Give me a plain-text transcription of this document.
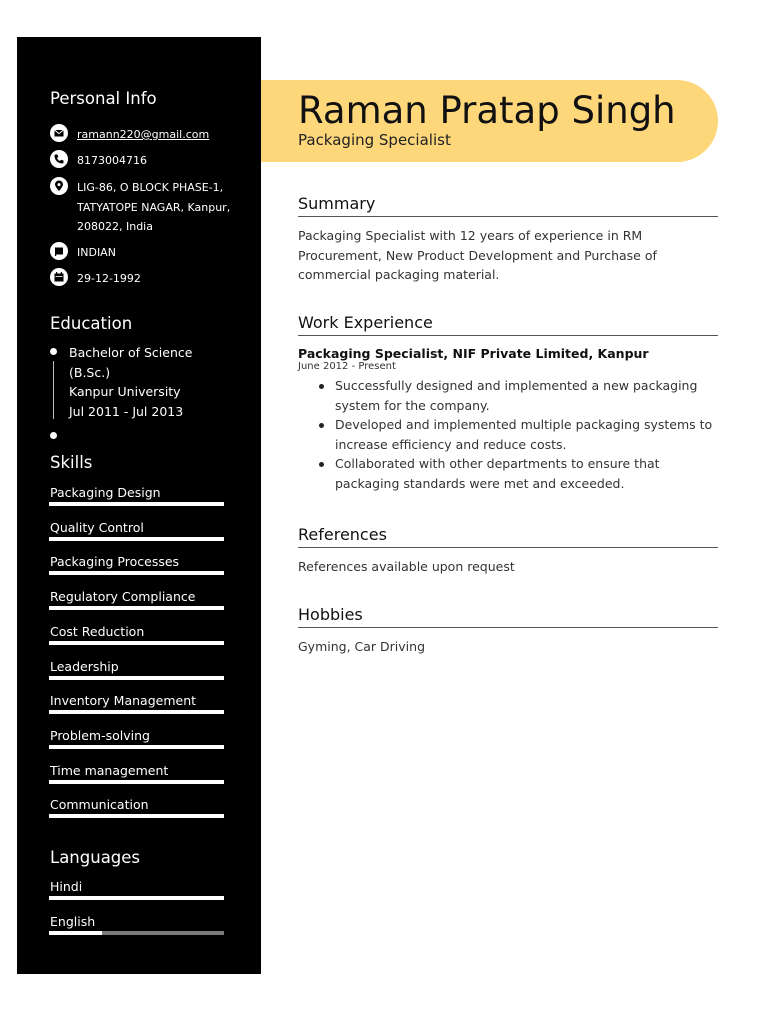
Personal Info
ramann220@gmail.com
8173004716
LIG-86, O BLOCK PHASE-1, TATYATOPE NAGAR, Kanpur, 208022, India
INDIAN
29-12-1992
Education
Bachelor of Science (B.Sc.)
Kanpur University
Jul 2011 - Jul 2013
Skills
Packaging Design
Quality Control
Packaging Processes
Regulatory Compliance
Cost Reduction
Leadership
Inventory Management
Problem-solving
Time management
Communication
Languages
Hindi
English
Raman Pratap Singh
Packaging Specialist
Summary
Packaging Specialist with 12 years of experience in RM Procurement, New Product Development and Purchase of commercial packaging material.
Work Experience
Packaging Specialist, NIF Private Limited, Kanpur
June 2012 - Present
Successfully designed and implemented a new packaging system for the company.
Developed and implemented multiple packaging systems to increase efficiency and reduce costs.
Collaborated with other departments to ensure that packaging standards were met and exceeded.
References
References available upon request
Hobbies
Gyming, Car Driving
